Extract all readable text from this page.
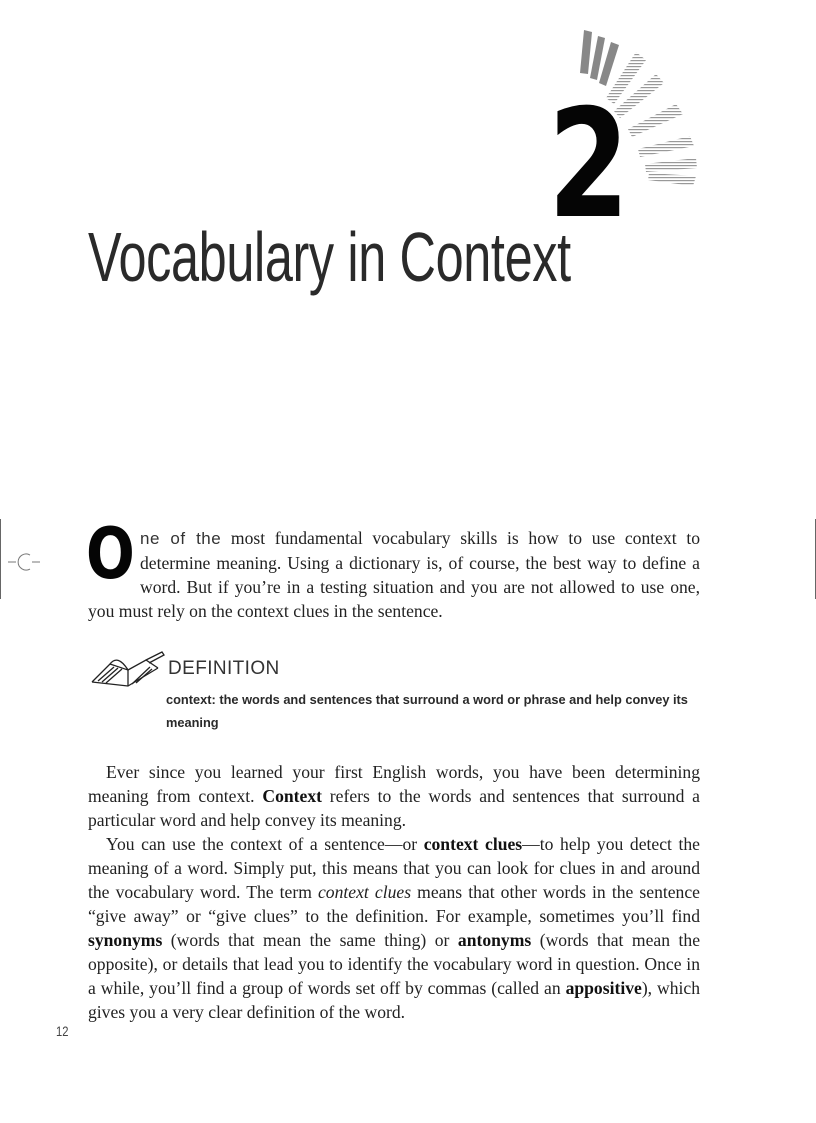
2
Vocabulary in Context
One of the most fundamental vocabulary skills is how to use context to determine meaning. Using a dictionary is, of course, the best way to define a word. But if you’re in a testing situation and you are not allowed to use one, you must rely on the context clues in the sentence.
DEFINITION
context: the words and sentences that surround a word or phrase and help convey its meaning
Ever since you learned your first English words, you have been determining meaning from context. Context refers to the words and sentences that surround a particular word and help convey its meaning.
You can use the context of a sentence—or context clues—to help you detect the meaning of a word. Simply put, this means that you can look for clues in and around the vocabulary word. The term context clues means that other words in the sentence “give away” or “give clues” to the definition. For example, sometimes you’ll find synonyms (words that mean the same thing) or antonyms (words that mean the opposite), or details that lead you to identify the vocabulary word in question. Once in a while, you’ll find a group of words set off by commas (called an appositive), which gives you a very clear definition of the word.
12
